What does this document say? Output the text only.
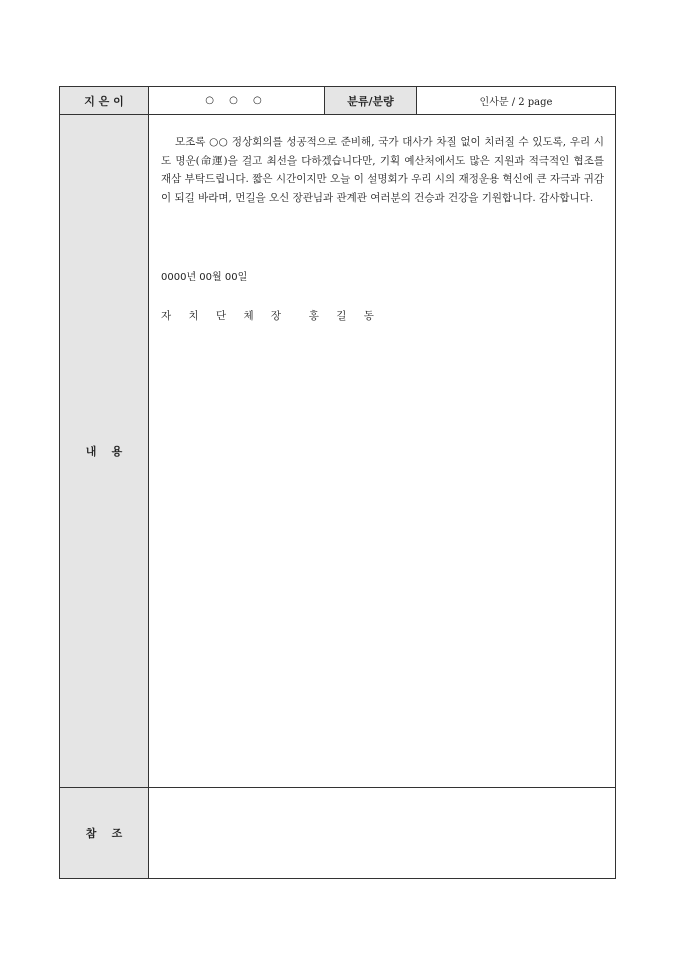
지 은 이	○ ○ ○	분류/분량	인사문 / 2 page
내    용

모조록 ○○ 정상회의를 성공적으로 준비해, 국가 대사가 차질 없이 치러질 수 있도록, 우리 시도 명운(命運)을 걸고 최선을 다하겠습니다만, 기획 예산처에서도 많은 지원과 적극적인 협조를 재삼 부탁드립니다. 짧은 시간이지만 오늘 이 설명회가 우리 시의 재정운용 혁신에 큰 자극과 귀감이 되길 바라며, 먼길을 오신 장관님과 관계관 여러분의 건승과 건강을 기원합니다. 감사합니다.

0000년 00월 00일
자 치 단 체 장  홍 길 동
참    조
